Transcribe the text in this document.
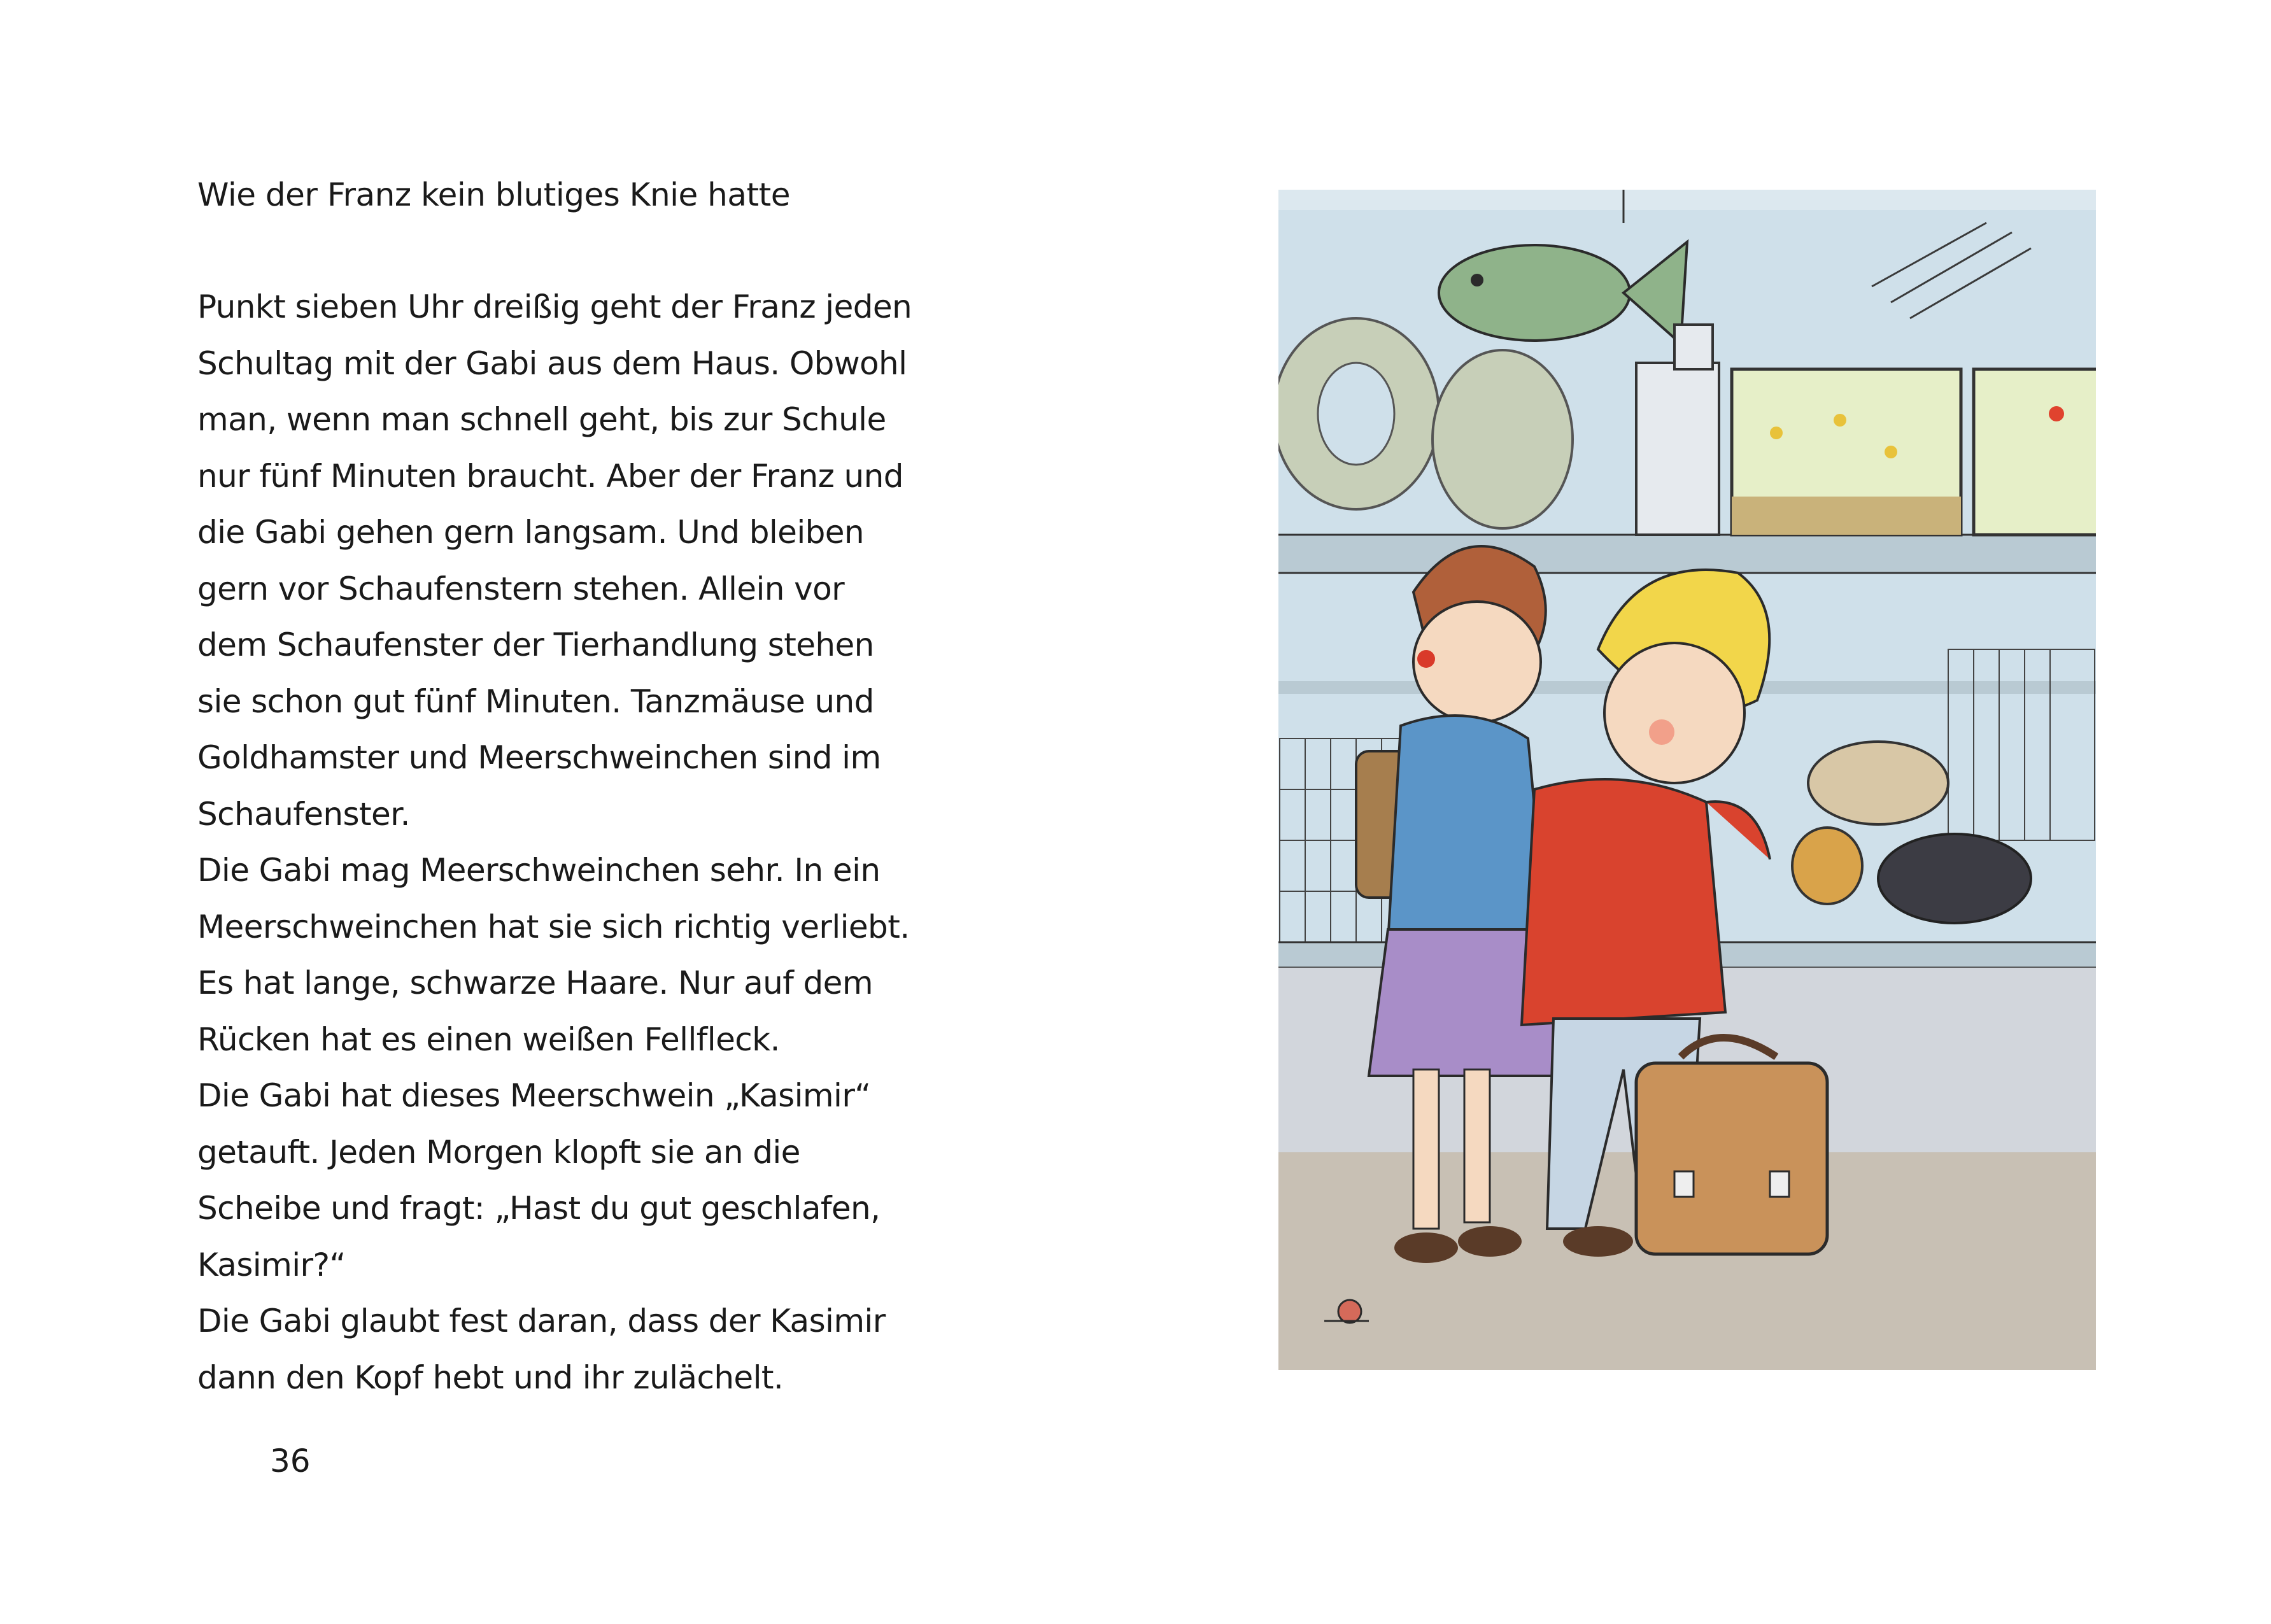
Wie der Franz kein blutiges Knie hatte
Punkt sieben Uhr dreißig geht der Franz jeden
Schultag mit der Gabi aus dem Haus. Obwohl
man, wenn man schnell geht, bis zur Schule
nur fünf Minuten braucht. Aber der Franz und
die Gabi gehen gern langsam. Und bleiben
gern vor Schaufenstern stehen. Allein vor
dem Schaufenster der Tierhandlung stehen
sie schon gut fünf Minuten. Tanzmäuse und
Goldhamster und Meerschweinchen sind im
Schaufenster.
Die Gabi mag Meerschweinchen sehr. In ein
Meerschweinchen hat sie sich richtig verliebt.
Es hat lange, schwarze Haare. Nur auf dem
Rücken hat es einen weißen Fellfleck.
Die Gabi hat dieses Meerschwein „Kasimir“
getauft. Jeden Morgen klopft sie an die
Scheibe und fragt: „Hast du gut geschlafen,
Kasimir?“
Die Gabi glaubt fest daran, dass der Kasimir
dann den Kopf hebt und ihr zulächelt.
36
